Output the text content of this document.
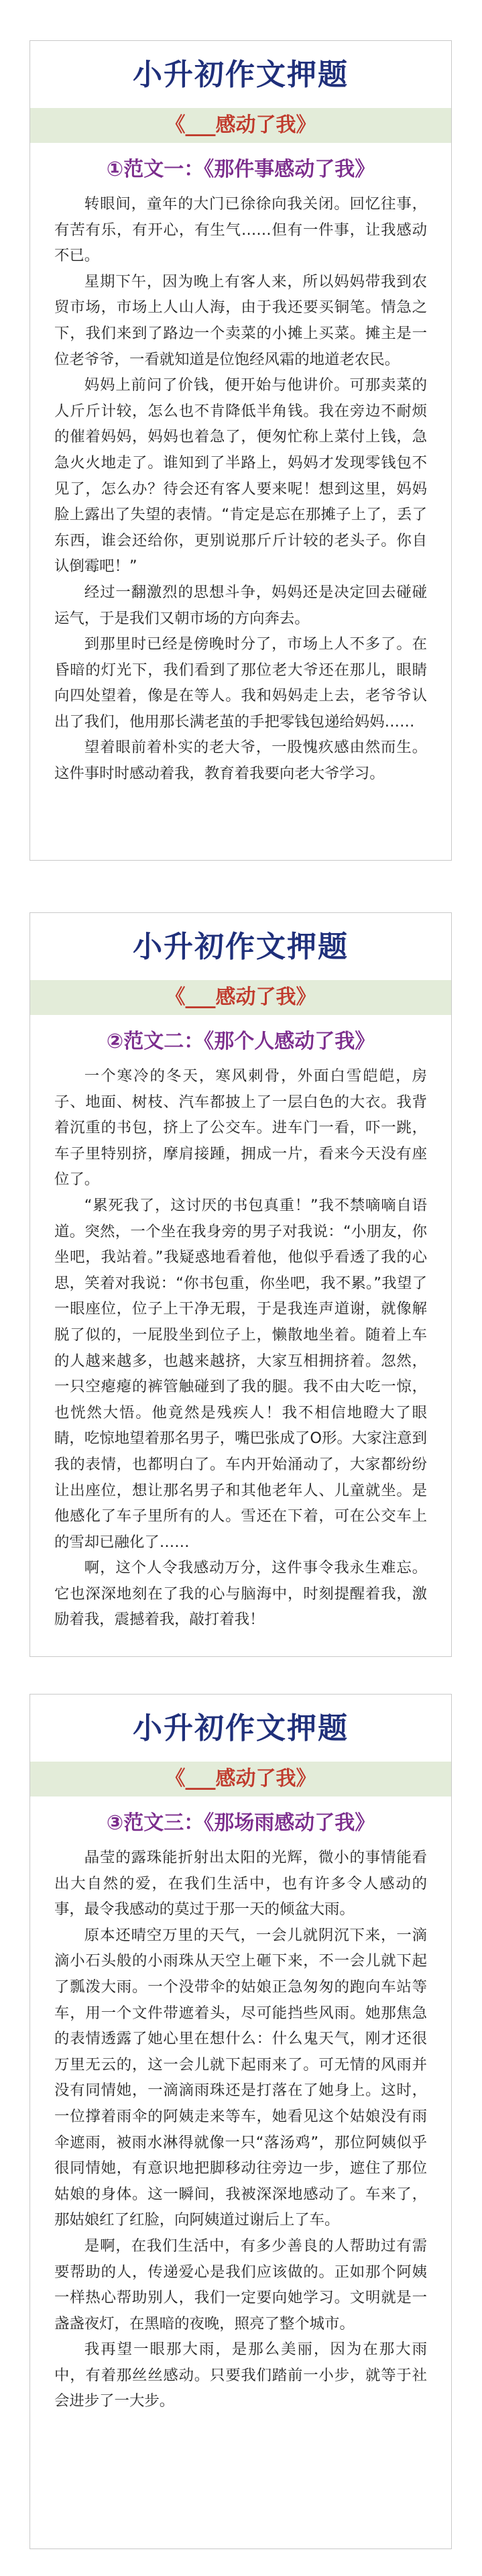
小升初作文押题
《___感动了我》
①范文一：《那件事感动了我》

转眼间，童年的大门已徐徐向我关闭。回忆往事，有苦有乐，有开心，有生气……但有一件事，让我感动不已。

星期下午，因为晚上有客人来，所以妈妈带我到农贸市场，市场上人山人海，由于我还要买铜笔。情急之下，我们来到了路边一个卖菜的小摊上买菜。摊主是一位老爷爷，一看就知道是位饱经风霜的地道老农民。

妈妈上前问了价钱，便开始与他讲价。可那卖菜的人斤斤计较，怎么也不肯降低半角钱。我在旁边不耐烦的催着妈妈，妈妈也着急了，便匆忙称上菜付上钱，急急火火地走了。谁知到了半路上，妈妈才发现零钱包不见了，怎么办？待会还有客人要来呢！想到这里，妈妈脸上露出了失望的表情。“肯定是忘在那摊子上了，丢了东西，谁会还给你，更别说那斤斤计较的老头子。你自认倒霉吧！”

经过一翻激烈的思想斗争，妈妈还是决定回去碰碰运气，于是我们又朝市场的方向奔去。

到那里时已经是傍晚时分了，市场上人不多了。在昏暗的灯光下，我们看到了那位老大爷还在那儿，眼睛向四处望着，像是在等人。我和妈妈走上去，老爷爷认出了我们，他用那长满老茧的手把零钱包递给妈妈……

望着眼前着朴实的老大爷，一股愧疚感由然而生。这件事时时感动着我，教育着我要向老大爷学习。

小升初作文押题
《___感动了我》
②范文二：《那个人感动了我》

一个寒冷的冬天，寒风刺骨，外面白雪皑皑，房子、地面、树枝、汽车都披上了一层白色的大衣。我背着沉重的书包，挤上了公交车。进车门一看，吓一跳，车子里特别挤，摩肩接踵，拥成一片，看来今天没有座位了。

“累死我了，这讨厌的书包真重！”我不禁嘀嘀自语道。突然，一个坐在我身旁的男子对我说：“小朋友，你坐吧，我站着。”我疑惑地看着他，他似乎看透了我的心思，笑着对我说：“你书包重，你坐吧，我不累。”我望了一眼座位，位子上干净无瑕，于是我连声道谢，就像解脱了似的，一屁股坐到位子上，懒散地坐着。随着上车的人越来越多，也越来越挤，大家互相拥挤着。忽然，一只空瘪瘪的裤管触碰到了我的腿。我不由大吃一惊，也恍然大悟。他竟然是残疾人！我不相信地瞪大了眼睛，吃惊地望着那名男子，嘴巴张成了O形。大家注意到我的表情，也都明白了。车内开始涌动了，大家都纷纷让出座位，想让那名男子和其他老年人、儿童就坐。是他感化了车子里所有的人。雪还在下着，可在公交车上的雪却已融化了……

啊，这个人令我感动万分，这件事令我永生难忘。它也深深地刻在了我的心与脑海中，时刻提醒着我，激励着我，震撼着我，敲打着我！

小升初作文押题
《___感动了我》
③范文三：《那场雨感动了我》

晶莹的露珠能折射出太阳的光辉，微小的事情能看出大自然的爱，在我们生活中，也有许多令人感动的事，最令我感动的莫过于那一天的倾盆大雨。

原本还晴空万里的天气，一会儿就阴沉下来，一滴滴小石头般的小雨珠从天空上砸下来，不一会儿就下起了瓢泼大雨。一个没带伞的姑娘正急匆匆的跑向车站等车，用一个文件带遮着头，尽可能挡些风雨。她那焦急的表情透露了她心里在想什么：什么鬼天气，刚才还很万里无云的，这一会儿就下起雨来了。可无情的风雨并没有同情她，一滴滴雨珠还是打落在了她身上。这时，一位撑着雨伞的阿姨走来等车，她看见这个姑娘没有雨伞遮雨，被雨水淋得就像一只“落汤鸡”，那位阿姨似乎很同情她，有意识地把脚移动往旁边一步，遮住了那位姑娘的身体。这一瞬间，我被深深地感动了。车来了，那姑娘红了红脸，向阿姨道过谢后上了车。

是啊，在我们生活中，有多少善良的人帮助过有需要帮助的人，传递爱心是我们应该做的。正如那个阿姨一样热心帮助别人，我们一定要向她学习。文明就是一盏盏夜灯，在黑暗的夜晚，照亮了整个城市。

我再望一眼那大雨，是那么美丽，因为在那大雨中，有着那丝丝感动。只要我们踏前一小步，就等于社会进步了一大步。
